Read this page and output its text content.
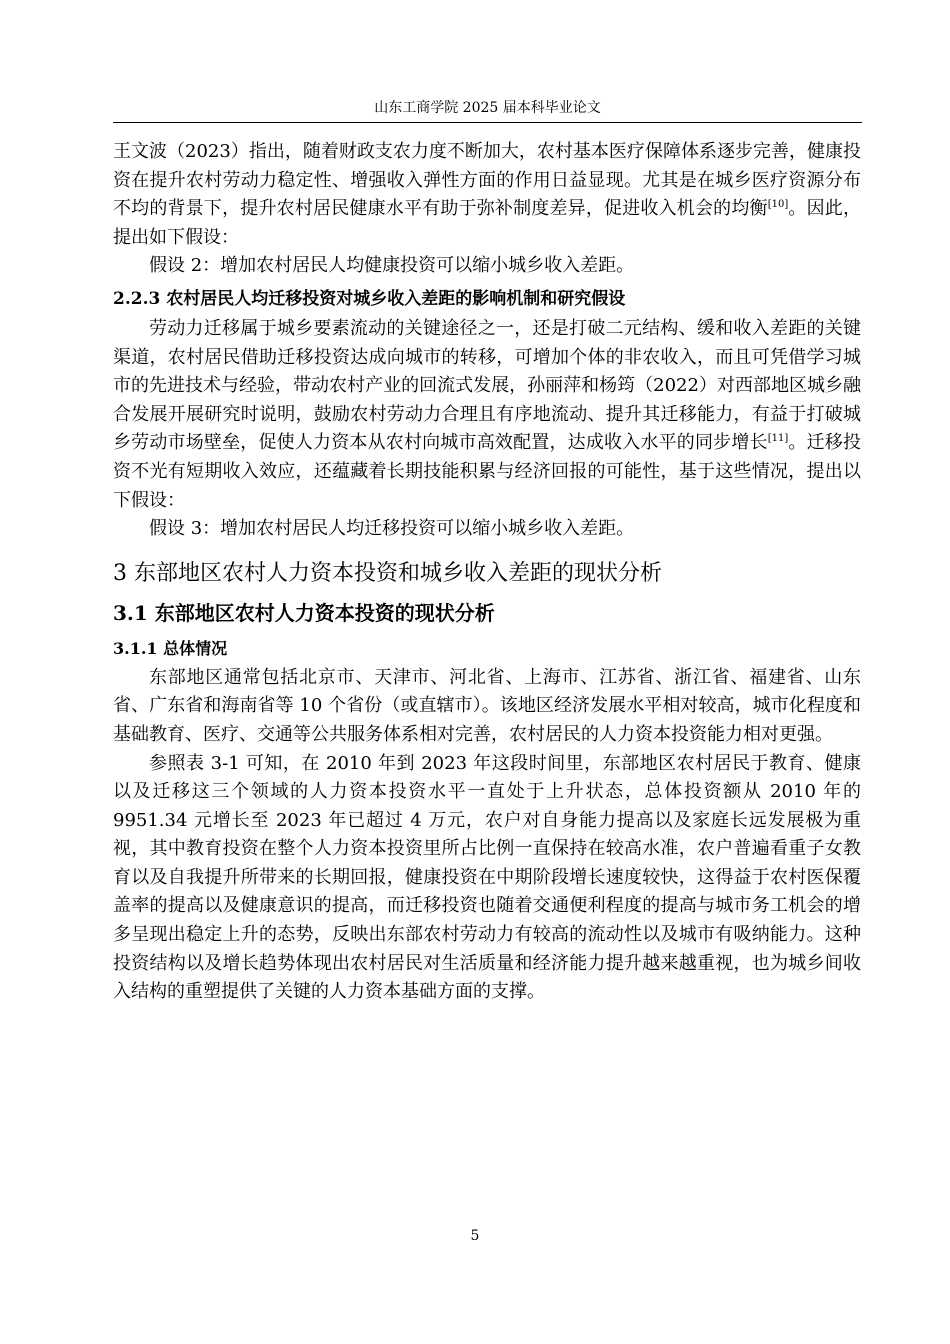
山东工商学院 2025 届本科毕业论文

王文波（2023）指出，随着财政支农力度不断加大，农村基本医疗保障体系逐步完善，健康投资在提升农村劳动力稳定性、增强收入弹性方面的作用日益显现。尤其是在城乡医疗资源分布不均的背景下，提升农村居民健康水平有助于弥补制度差异，促进收入机会的均衡[10]。因此，提出如下假设：

假设 2：增加农村居民人均健康投资可以缩小城乡收入差距。

2.2.3 农村居民人均迁移投资对城乡收入差距的影响机制和研究假设

劳动力迁移属于城乡要素流动的关键途径之一，还是打破二元结构、缓和收入差距的关键渠道，农村居民借助迁移投资达成向城市的转移，可增加个体的非农收入，而且可凭借学习城市的先进技术与经验，带动农村产业的回流式发展，孙丽萍和杨筠（2022）对西部地区城乡融合发展开展研究时说明，鼓励农村劳动力合理且有序地流动、提升其迁移能力，有益于打破城乡劳动市场壁垒，促使人力资本从农村向城市高效配置，达成收入水平的同步增长[11]。迁移投资不光有短期收入效应，还蕴藏着长期技能积累与经济回报的可能性，基于这些情况，提出以下假设：

假设 3：增加农村居民人均迁移投资可以缩小城乡收入差距。

3 东部地区农村人力资本投资和城乡收入差距的现状分析
3.1 东部地区农村人力资本投资的现状分析
3.1.1 总体情况

东部地区通常包括北京市、天津市、河北省、上海市、江苏省、浙江省、福建省、山东省、广东省和海南省等 10 个省份（或直辖市）。该地区经济发展水平相对较高，城市化程度和基础教育、医疗、交通等公共服务体系相对完善，农村居民的人力资本投资能力相对更强。

参照表 3-1 可知，在 2010 年到 2023 年这段时间里，东部地区农村居民于教育、健康以及迁移这三个领域的人力资本投资水平一直处于上升状态，总体投资额从 2010 年的 9951.34 元增长至 2023 年已超过 4 万元，农户对自身能力提高以及家庭长远发展极为重视，其中教育投资在整个人力资本投资里所占比例一直保持在较高水准，农户普遍看重子女教育以及自我提升所带来的长期回报，健康投资在中期阶段增长速度较快，这得益于农村医保覆盖率的提高以及健康意识的提高，而迁移投资也随着交通便利程度的提高与城市务工机会的增多呈现出稳定上升的态势，反映出东部农村劳动力有较高的流动性以及城市有吸纳能力。这种投资结构以及增长趋势体现出农村居民对生活质量和经济能力提升越来越重视，也为城乡间收入结构的重塑提供了关键的人力资本基础方面的支撑。

5
